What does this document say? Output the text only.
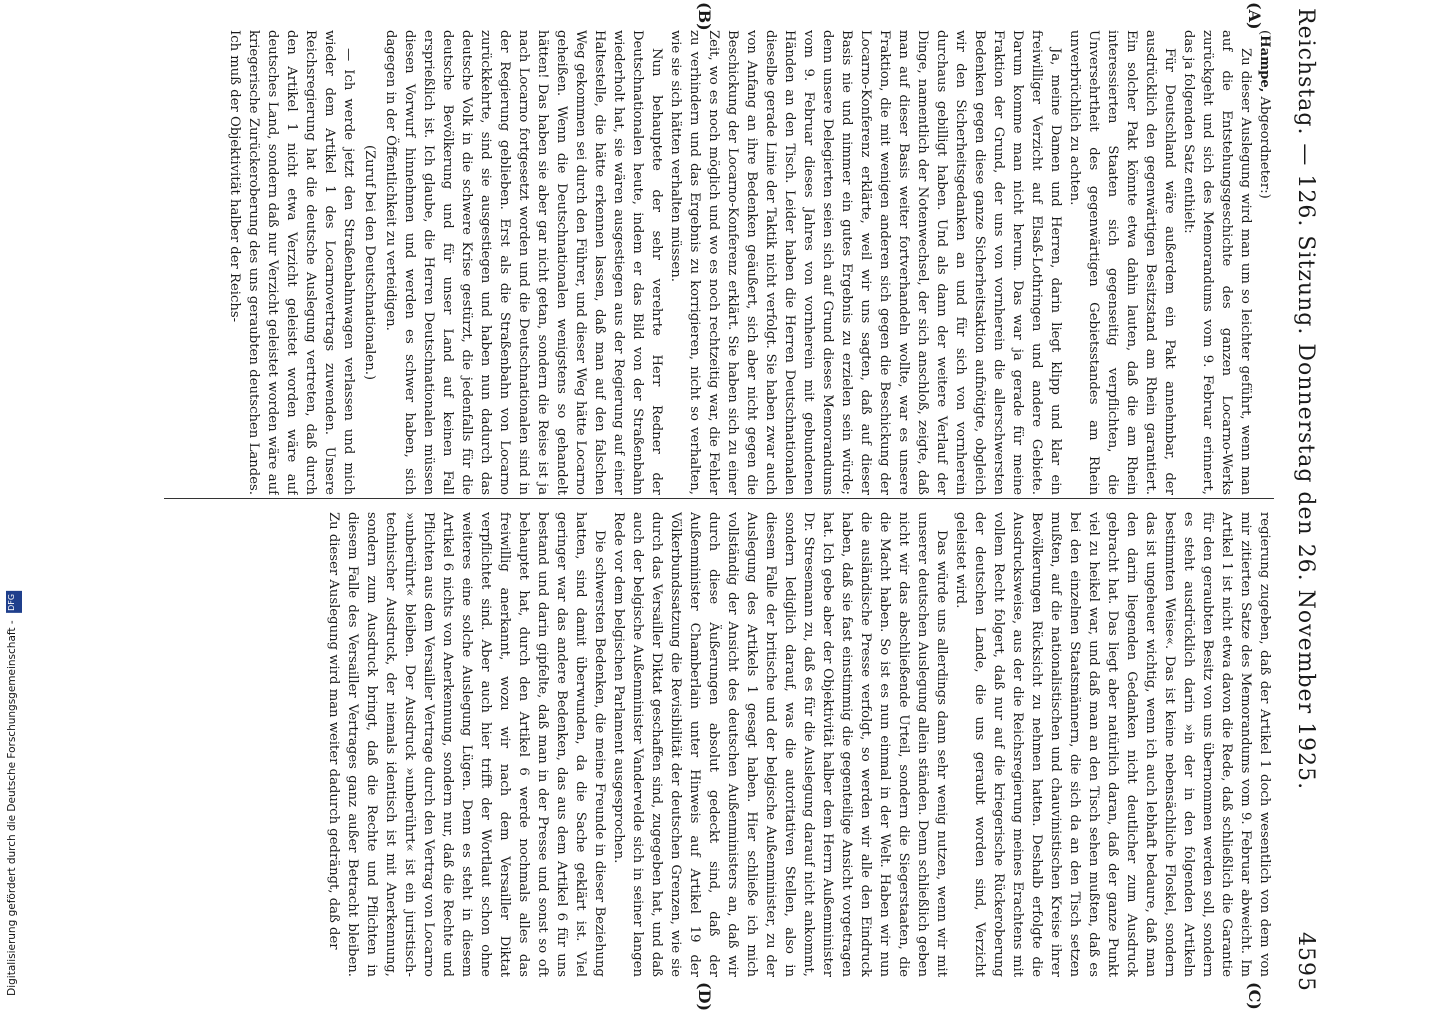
Reichstag. — 126. Sitzung. Donnerstag den 26. November 1925.
4595
(A)
(B)
(C)
(D)

(Hampe, Abgeordneter:)

Zu dieser Auslegung wird man um so leichter geführt, wenn man auf die Entstehungsgeschichte des ganzen Locarno-Werks zurückgeht und sich des Memorandums vom 9. Februar erinnert, das ja folgenden Satz enthielt:

Für Deutschland wäre außerdem ein Pakt annehmbar, der ausdrücklich den gegenwärtigen Besitzstand am Rhein garantiert. Ein solcher Pakt könnte etwa dahin lauten, daß die am Rhein interessierten Staaten sich gegenseitig verpflichten, die Unversehrtheit des gegenwärtigen Gebietsstandes am Rhein unverbrüchlich zu achten.

Ja, meine Damen und Herren, darin liegt klipp und klar ein freiwilliger Verzicht auf Elsaß-Lothringen und andere Gebiete. Darum komme man nicht herum. Das war ja gerade für meine Fraktion der Grund, der uns von vornherein die allerschwersten Bedenken gegen diese ganze Sicherheitsaktion aufnötigte, obgleich wir den Sicherheitsgedanken an und für sich von vornherein durchaus gebilligt haben. Und als dann der weitere Verlauf der Dinge, namentlich der Notenwechsel, der sich anschloß, zeigte, daß man auf dieser Basis weiter fortverhandeln wollte, war es unsere Fraktion, die mit wenigen anderen sich gegen die Beschickung der Locarno-Konferenz erklärte, weil wir uns sagten, daß auf dieser Basis nie und nimmer ein gutes Ergebnis zu erzielen sein würde; denn unsere Delegierten seien sich auf Grund dieses Memorandums vom 9. Februar dieses Jahres von vornherein mit gebundenen Händen an den Tisch. Leider haben die Herren Deutschnationalen dieselbe gerade Linie der Taktik nicht verfolgt. Sie haben zwar auch von Anfang an ihre Bedenken geäußert, sich aber nicht gegen die Beschickung der Locarno-Konferenz erklärt. Sie haben sich zu einer Zeit, wo es noch möglich und wo es noch rechtzeitig war, die Fehler zu verhindern und das Ergebnis zu korrigieren, nicht so verhalten, wie sie sich hätten verhalten müssen.

Nun behauptete der sehr verehrte Herr Redner der Deutschnationalen heute, indem er das Bild von der Straßenbahn wiederholt hat, sie wären ausgestiegen aus der Regierung auf einer Haltestelle, die hätte erkennen lassen, daß man auf den falschen Weg gekommen sei durch den Führer, und dieser Weg hätte Locarno geheißen. Wenn die Deutschnationalen wenigstens so gehandelt hätten! Das haben sie aber gar nicht getan, sondern die Reise ist ja nach Locarno fortgesetzt worden und die Deutschnationalen sind in der Regierung geblieben. Erst als die Straßenbahn von Locarno zurückkehrte, sind sie ausgestiegen und haben nun dadurch das deutsche Volk in die schwere Krise gestürzt, die jedenfalls für die deutsche Bevölkerung und für unser Land auf keinen Fall ersprießlich ist. Ich glaube, die Herren Deutschnationalen müssen diesen Vorwurf hinnehmen und werden es schwer haben, sich dagegen in der Öffentlichkeit zu verteidigen.

(Zuruf bei den Deutschnationalen.)

— Ich werde jetzt den Straßenbahnwagen verlassen und mich wieder dem Artikel 1 des Locarnovertrags zuwenden. Unsere Reichsregierung hat die deutsche Auslegung vertreten, daß durch den Artikel 1 nicht etwa Verzicht geleistet worden wäre auf deutsches Land, sondern daß nur Verzicht geleistet worden wäre auf kriegerische Zurückeroberung des uns geraubten deutschen Landes. Ich muß der Objektivität halber der Reichs-

regierung zugeben, daß der Artikel 1 doch wesentlich von dem von mir zitierten Satze des Memorandums vom 9. Februar abweicht. Im Artikel 1 ist nicht etwa davon die Rede, daß schließlich die Garantie für den geraubten Besitz von uns übernommen werden soll, sondern es steht ausdrücklich darin »in der in den folgenden Artikeln bestimmten Weise«. Das ist keine nebensächliche Floskel, sondern das ist ungeheuer wichtig, wenn ich auch lebhaft bedaure, daß man den darin liegenden Gedanken nicht deutlicher zum Ausdruck gebracht hat. Das liegt aber natürlich daran, daß der ganze Punkt viel zu heikel war, und daß man an den Tisch sehen mußten, daß es bei den einzelnen Staatsmännern, die sich da an den Tisch setzen mußten, auf die nationalistischen und chauvinistischen Kreise ihrer Bevölkerungen Rücksicht zu nehmen hatten. Deshalb erfolgte die Ausdrucksweise, aus der die Reichsregierung meines Erachtens mit vollem Recht folgert, daß nur auf die kriegerische Rückeroberung der deutschen Lande, die uns geraubt worden sind, Verzicht geleistet wird.

Das würde uns allerdings dann sehr wenig nutzen, wenn wir mit unserer deutschen Auslegung allein ständen. Denn schließlich geben nicht wir das abschließende Urteil, sondern die Siegerstaaten, die die Macht haben. So ist es nun einmal in der Welt. Haben wir nun die ausländische Presse verfolgt, so werden wir alle den Eindruck haben, daß sie fast einstimmig die gegenteilige Ansicht vorgetragen hat. Ich gebe aber der Objektivität halber dem Herrn Außenminister Dr. Stresemann zu, daß es für die Auslegung darauf nicht ankommt, sondern lediglich darauf, was die autoritativen Stellen, also in diesem Falle der britische und der belgische Außenminister, zu der Auslegung des Artikels 1 gesagt haben. Hier schließe ich mich vollständig der Ansicht des deutschen Außenministers an, daß wir durch diese Äußerungen absolut gedeckt sind, daß der Außenminister Chamberlain unter Hinweis auf Artikel 19 der Völkerbundssatzung die Revisibilität der deutschen Grenzen, wie sie durch das Versailler Diktat geschaffen sind, zugegeben hat, und daß auch der belgische Außenminister Vandervelde sich in seiner langen Rede vor dem belgischen Parlament ausgesprochen.

Die schwersten Bedenken, die meine Freunde in dieser Beziehung hatten, sind damit überwunden, da die Sache geklärt ist. Viel geringer war das andere Bedenken, das aus dem Artikel 6 für uns bestand und darin gipfelte, daß man in der Presse und sonst so oft behauptet hat, durch den Artikel 6 werde nochmals alles das freiwillig anerkannt, wozu wir nach dem Versailler Diktat verpflichtet sind. Aber auch hier trifft der Wortlaut schon ohne weiteres eine solche Auslegung Lügen. Denn es steht in diesem Artikel 6 nichts von Anerkennung, sondern nur, daß die Rechte und Pflichten aus dem Versailler Vertrage durch den Vertrag von Locarno »unberührt« bleiben. Der Ausdruck »unberührt« ist ein juristisch-technischer Ausdruck, der niemals identisch ist mit Anerkennung, sondern zum Ausdruck bringt, daß die Rechte und Pflichten in diesem Falle des Versailler Vertrages ganz außer Betracht bleiben. Zu dieser Auslegung wird man weiter dadurch gedrängt, daß der

Digitalisierung gefördert durch die Deutsche Forschungsgemeinschaft - DFG
